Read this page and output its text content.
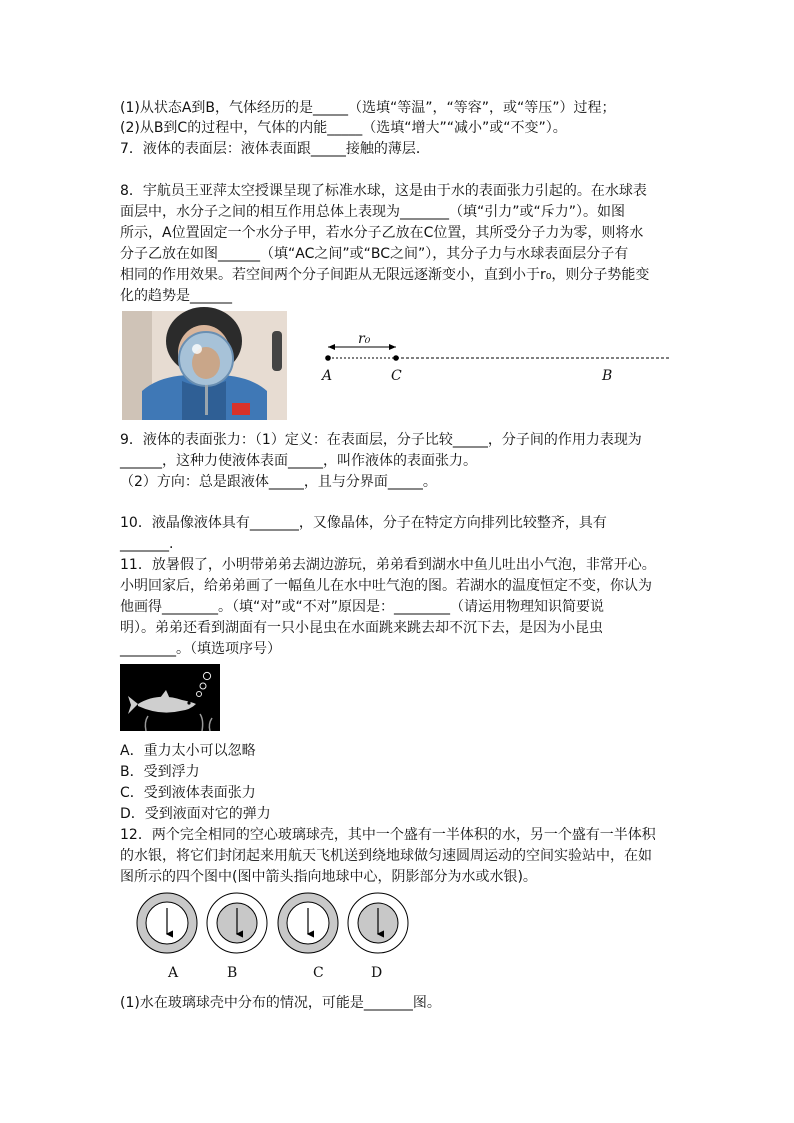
(1)从状态A到B，气体经历的是_____（选填“等温”，“等容”，或“等压”）过程；
(2)从B到C的过程中，气体的内能_____（选填“增大”“减小”或“不变”）。
7．液体的表面层：液体表面跟_____接触的薄层．
8．宇航员王亚萍太空授课呈现了标准水球，这是由于水的表面张力引起的。在水球表
面层中，水分子之间的相互作用总体上表现为_______（填“引力”或“斥力”）。如图
所示，A位置固定一个水分子甲，若水分子乙放在C位置，其所受分子力为零，则将水
分子乙放在如图______（填“AC之间”或“BC之间”），其分子力与水球表面层分子有
相同的作用效果。若空间两个分子间距从无限远逐渐变小，直到小于r₀，则分子势能变
化的趋势是______
r₀
A	C	B
9．液体的表面张力：（1）定义：在表面层，分子比较_____，分子间的作用力表现为
______，这种力使液体表面_____，叫作液体的表面张力。
（2）方向：总是跟液体_____，且与分界面_____。
10．液晶像液体具有_______，又像晶体，分子在特定方向排列比较整齐，具有
_______.
11．放暑假了，小明带弟弟去湖边游玩，弟弟看到湖水中鱼儿吐出小气泡，非常开心。
小明回家后，给弟弟画了一幅鱼儿在水中吐气泡的图。若湖水的温度恒定不变，你认为
他画得________。（填“对”或“不对”原因是：________（请运用物理知识简要说
明）。弟弟还看到湖面有一只小昆虫在水面跳来跳去却不沉下去，是因为小昆虫
________。（填选项序号）
A．重力太小可以忽略
B．受到浮力
C．受到液体表面张力
D．受到液面对它的弹力
12．两个完全相同的空心玻璃球壳，其中一个盛有一半体积的水，另一个盛有一半体积
的水银，将它们封闭起来用航天飞机送到绕地球做匀速圆周运动的空间实验站中，在如
图所示的四个图中(图中箭头指向地球中心，阴影部分为水或水银)。
A	B	C	D
(1)水在玻璃球壳中分布的情况，可能是_______图。
